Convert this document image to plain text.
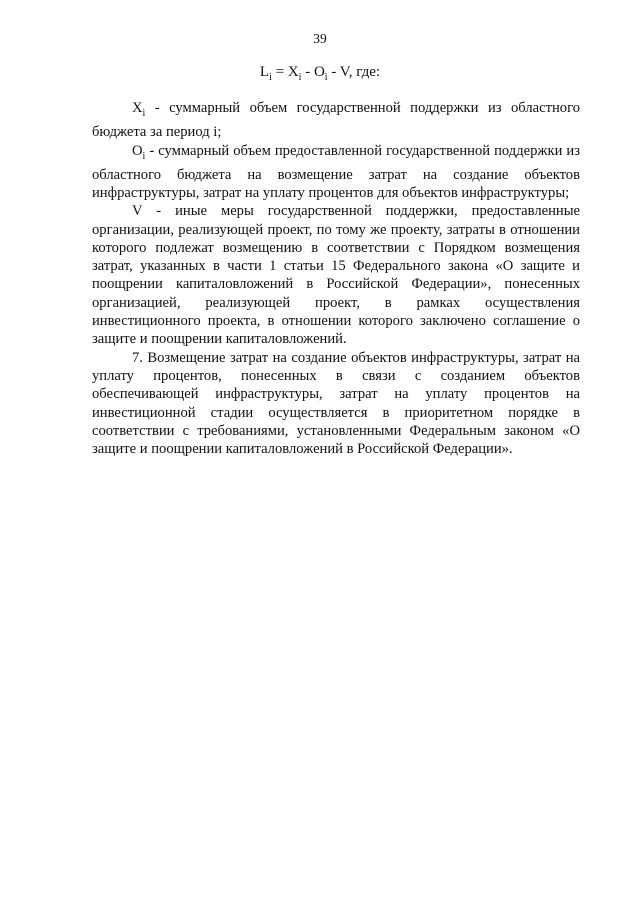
39
$L_i = X_i - O_i - V$, где:

$X_i$ - суммарный объем государственной поддержки из областного бюджета за период i;

$O_i$ - суммарный объем предоставленной государственной поддержки из областного бюджета на возмещение затрат на создание объектов инфраструктуры, затрат на уплату процентов для объектов инфраструктуры;

V - иные меры государственной поддержки, предоставленные организации, реализующей проект, по тому же проекту, затраты в отношении которого подлежат возмещению в соответствии с Порядком возмещения затрат, указанных в части 1 статьи 15 Федерального закона «О защите и поощрении капиталовложений в Российской Федерации», понесенных организацией, реализующей проект, в рамках осуществления инвестиционного проекта, в отношении которого заключено соглашение о защите и поощрении капиталовложений.

7. Возмещение затрат на создание объектов инфраструктуры, затрат на уплату процентов, понесенных в связи с созданием объектов обеспечивающей инфраструктуры, затрат на уплату процентов на инвестиционной стадии осуществляется в приоритетном порядке в соответствии с требованиями, установленными Федеральным законом «О защите и поощрении капиталовложений в Российской Федерации».
